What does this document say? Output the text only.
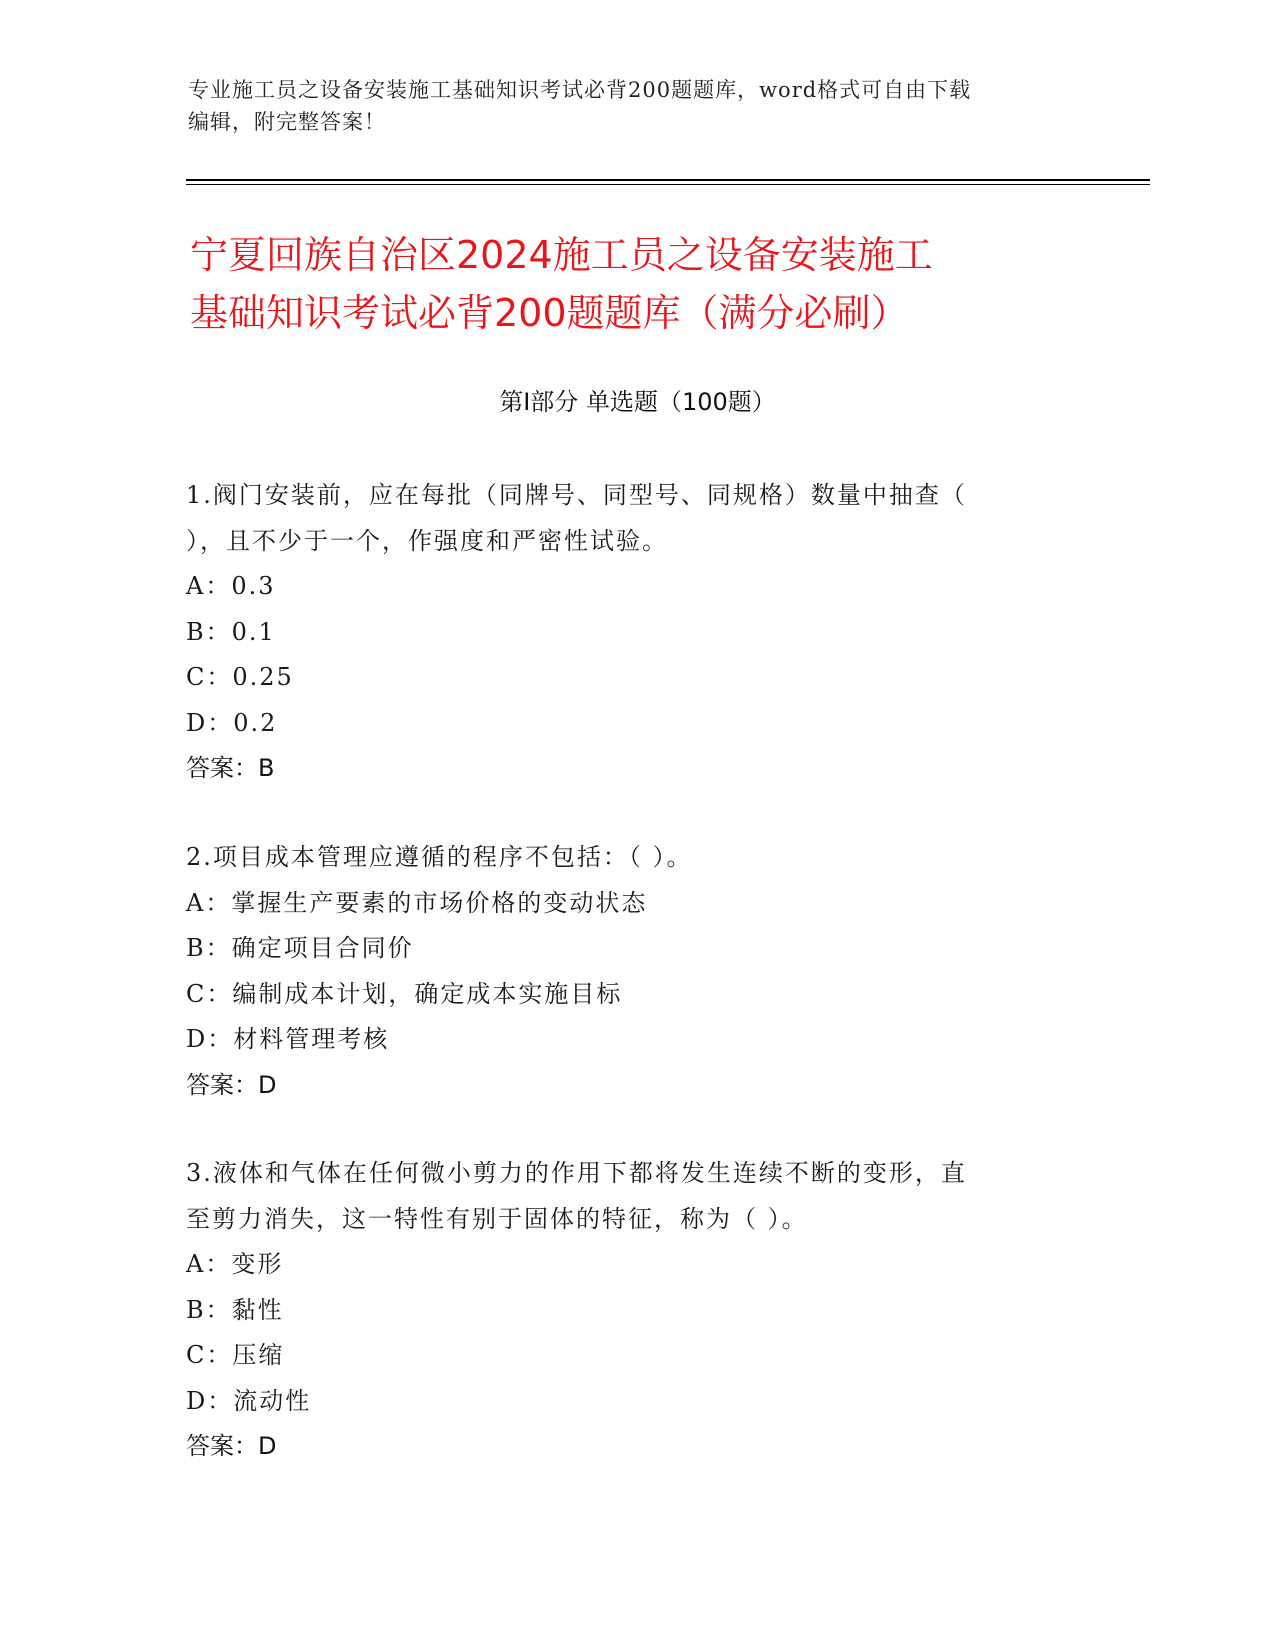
专业施工员之设备安装施工基础知识考试必背200题题库，word格式可自由下载
编辑，附完整答案！
宁夏回族自治区2024施工员之设备安装施工
基础知识考试必背200题题库（满分必刷）
第Ⅰ部分 单选题（100题）
1.阀门安装前，应在每批（同牌号、同型号、同规格）数量中抽查（
），且不少于一个，作强度和严密性试验。
A：0.3
B：0.1
C：0.25
D：0.2
答案：B
2.项目成本管理应遵循的程序不包括：（ ）。
A：掌握生产要素的市场价格的变动状态
B：确定项目合同价
C：编制成本计划，确定成本实施目标
D：材料管理考核
答案：D
3.液体和气体在任何微小剪力的作用下都将发生连续不断的变形，直
至剪力消失，这一特性有别于固体的特征，称为（ ）。
A：变形
B：黏性
C：压缩
D：流动性
答案：D
